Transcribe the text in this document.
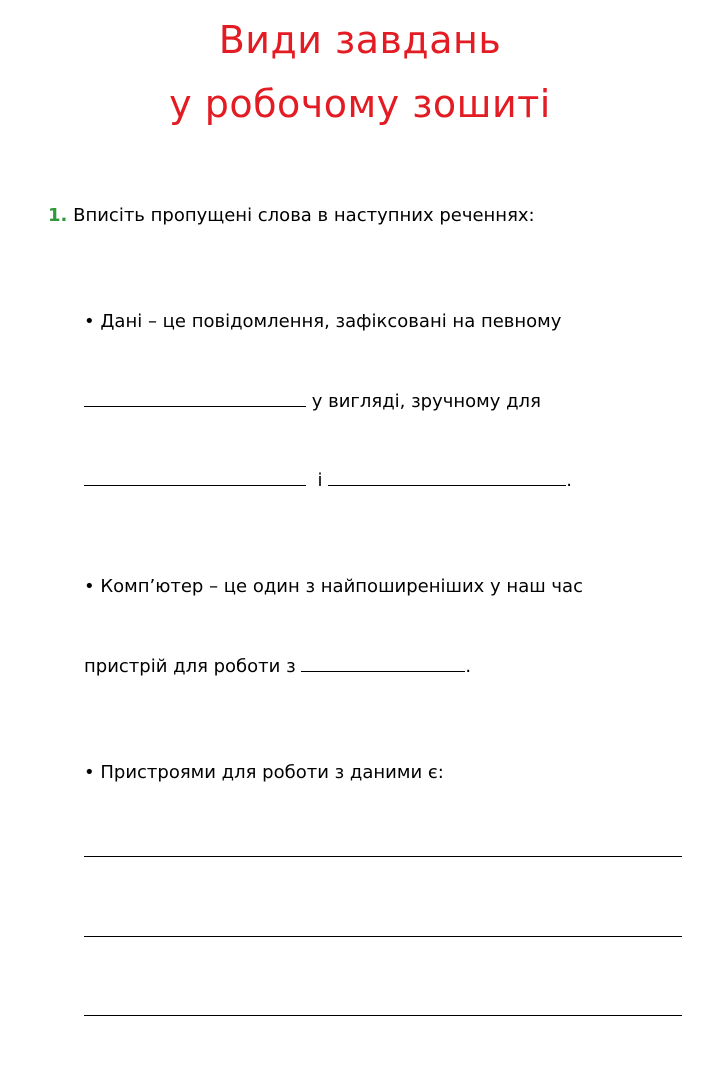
Види завдань
у робочому зошиті

1. Вписіть пропущені слова в наступних реченнях:

• Дані – це повідомлення, зафіксовані на певному

у вигляді, зручному для

і	.

• Комп’ютер – це один з найпоширеніших у наш час

пристрій для роботи з	.

• Пристроями для роботи з даними є:
